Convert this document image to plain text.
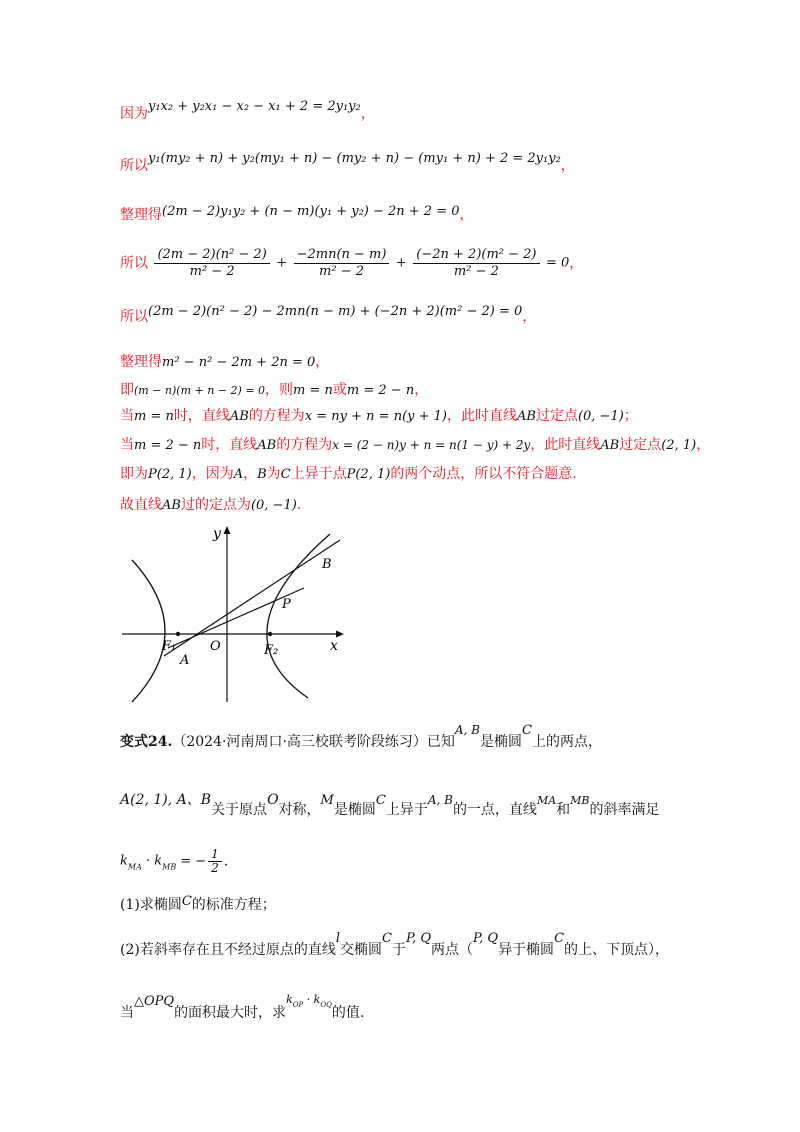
因为y₁x₂ + y₂x₁ − x₂ − x₁ + 2 = 2y₁y₂，
所以y₁(my₂ + n) + y₂(my₁ + n) − (my₂ + n) − (my₁ + n) + 2 = 2y₁y₂，
整理得(2m − 2)y₁y₂ + (n − m)(y₁ + y₂) − 2n + 2 = 0，
所以 $\frac{\text{(2m − 2)(n² − 2)}}{\text{m² − 2}} + \frac{-2mn(n - m)}{\text{m² − 2}} + \frac{\text{(−2n + 2)(m² − 2)}}{\text{m² − 2}} = 0$，
所以(2m − 2)(n² − 2) − 2mn(n − m) + (−2n + 2)(m² − 2) = 0，
整理得m² − n² − 2m + 2n = 0，
即(m − n)(m + n − 2) = 0，则m = n或m = 2 − n，
当m = n时，直线AB的方程为x = ny + n = n(y + 1)，此时直线AB过定点(0, −1)；
当m = 2 − n时，直线AB的方程为x = (2 − n)y + n = n(1 − y) + 2y，此时直线AB过定点(2, 1)，
即为P(2, 1)，因为A，B为C上异于点P(2, 1)的两个动点，所以不符合题意.
故直线AB过的定点为(0, −1).
y
x
B
P
O
F₁	F₂
A
变式24.（2024·河南周口·高三校联考阶段练习）已知A, B是椭圆C上的两点，
A(2, 1), A、B关于原点O对称，M是椭圆C上异于A, B的一点，直线$^{MA}$和$^{MB}$的斜率满足
$k_{MA} \cdot k_{MB}$ = − $\frac{1}{2}$ .
(1)求椭圆C的标准方程；
(2)若斜率存在且不经过原点的直线l交椭圆C于P, Q两点（P, Q异于椭圆C的上、下顶点），
当△OPQ的面积最大时，求$^k$OP $^{\cdot k}$OQ的值.
